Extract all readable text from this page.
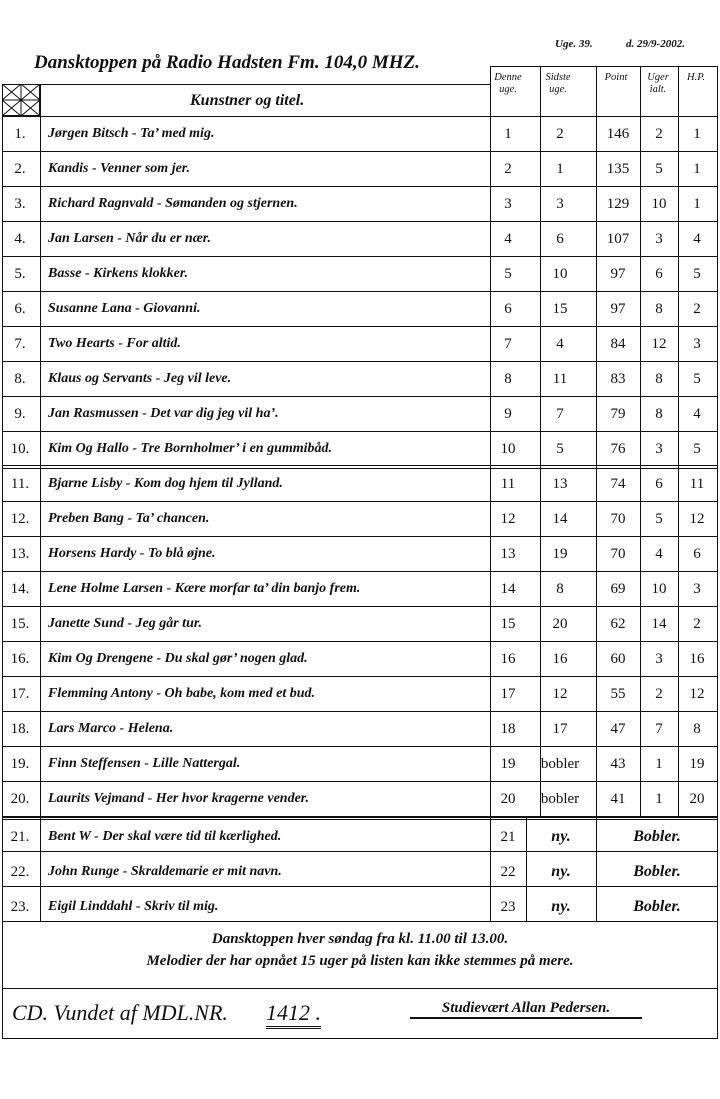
Uge. 39.	d. 29/9-2002.
Dansktoppen på Radio Hadsten Fm. 104,0 MHZ.
Kunstner og titel.
Denne uge.
Sidste uge.
Point	Uger ialt.
H.P.
1.	Jørgen Bitsch - Ta’ med mig.	1	2	146	2	1
2.	Kandis - Venner som jer.	2	1	135	5	1
3.	Richard Ragnvald - Sømanden og stjernen.	3	3	129	10	1
4.	Jan Larsen - Når du er nær.	4	6	107	3	4
5.	Basse - Kirkens klokker.	5	10	97	6	5
6.	Susanne Lana - Giovanni.	6	15	97	8	2
7.	Two Hearts - For altid.	7	4	84	12	3
8.	Klaus og Servants - Jeg vil leve.	8	11	83	8	5
9.	Jan Rasmussen - Det var dig jeg vil ha’.	9	7	79	8	4
10.	Kim Og Hallo - Tre Bornholmer’ i en gummibåd.	10	5	76	3	5
11.	Bjarne Lisby - Kom dog hjem til Jylland.	11	13	74	6	11
12.	Preben Bang - Ta’ chancen.	12	14	70	5	12
13.	Horsens Hardy - To blå øjne.	13	19	70	4	6
14.	Lene Holme Larsen - Kære morfar ta’ din banjo frem.	14	8	69	10	3
15.	Janette Sund - Jeg går tur.	15	20	62	14	2
16.	Kim Og Drengene - Du skal gør’ nogen glad.	16	16	60	3	16
17.	Flemming Antony - Oh babe, kom med et bud.	17	12	55	2	12
18.	Lars Marco - Helena.	18	17	47	7	8
19.	Finn Steffensen - Lille Nattergal.	19	bobler	43	1	19
20.	Laurits Vejmand - Her hvor kragerne vender.	20	bobler	41	1	20
21.	Bent W - Der skal være tid til kærlighed.	21	ny.	Bobler.
22.	John Runge - Skraldemarie er mit navn.	22	ny.	Bobler.
23.	Eigil Linddahl - Skriv til mig.	23	ny.	Bobler.
Dansktoppen hver søndag fra kl. 11.00 til 13.00.
Melodier der har opnået 15 uger på listen kan ikke stemmes på mere.
CD. Vundet af MDL.NR. 1412 .	Studievært Allan Pedersen.
